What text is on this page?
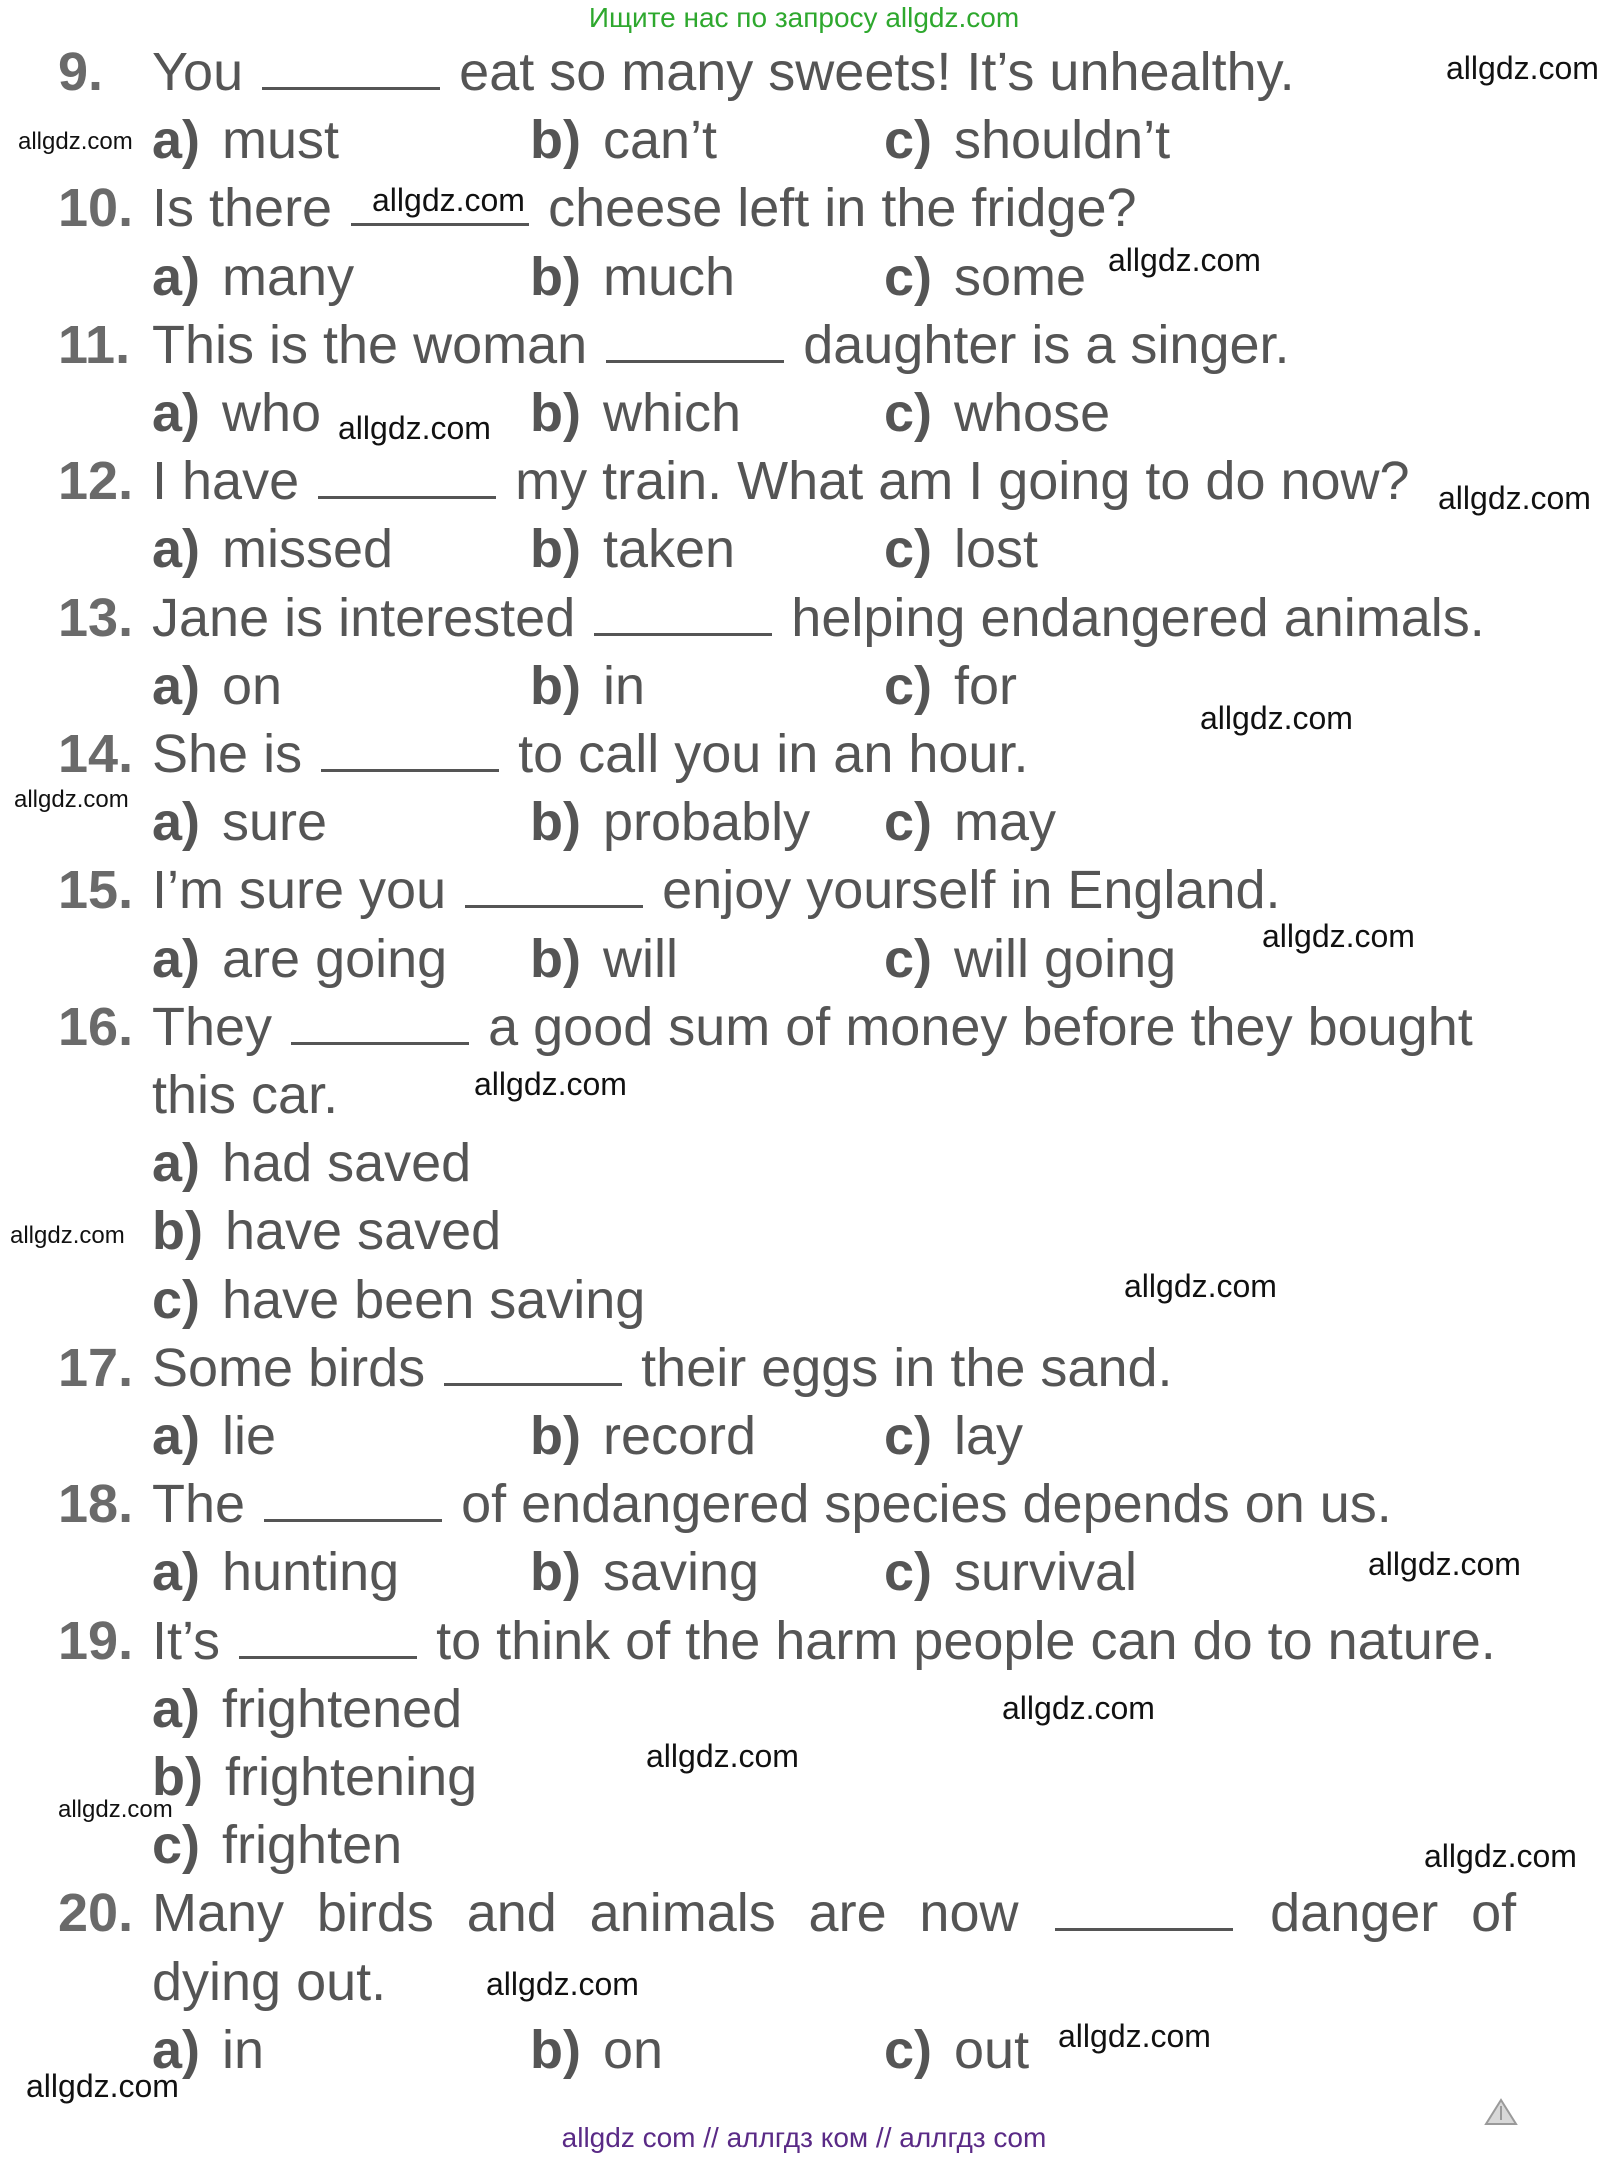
Ищите нас по запросу allgdz.com
9. You	eat so many sweets! It’s unhealthy.
a) must	b) can’t	c) shouldn’t
10. Is there	cheese left in the fridge?
a) many	b) much	c) some
11. This is the woman	daughter is a singer.
a) who	b) which	c) whose
12. I have	my train. What am I going to do now?
a) missed	b) taken	c) lost
13. Jane is interested	helping endangered animals.
a) on	b) in	c) for
14. She is	to call you in an hour.
a) sure	b) probably c) may
15. I’m sure you	enjoy yourself in England.
a) are going b) will	c) will going
16. They	a good sum of money before they bought
this car.
a) had saved
b) have saved
c) have been saving
17. Some birds	their eggs in the sand.
a) lie	b) record c) lay
18. The	of endangered species depends on us.
a) hunting b) saving c) survival
19. It’s	to think of the harm people can do to nature.
a) frightened
b) frightening
c) frighten
20. Many birds and animals are now	danger of
dying out.
a) in	b) on	c) out
allgdz com // аллгдз ком // аллгдз com
allgdz.com
allgdz.com
allgdz.com
allgdz.com
allgdz.com
allgdz.com
allgdz.com
allgdz.com
allgdz.com
allgdz.com
allgdz.com
allgdz.com
allgdz.com
allgdz.com
allgdz.com
allgdz.com
allgdz.com
allgdz.com
allgdz.com
allgdz.com
